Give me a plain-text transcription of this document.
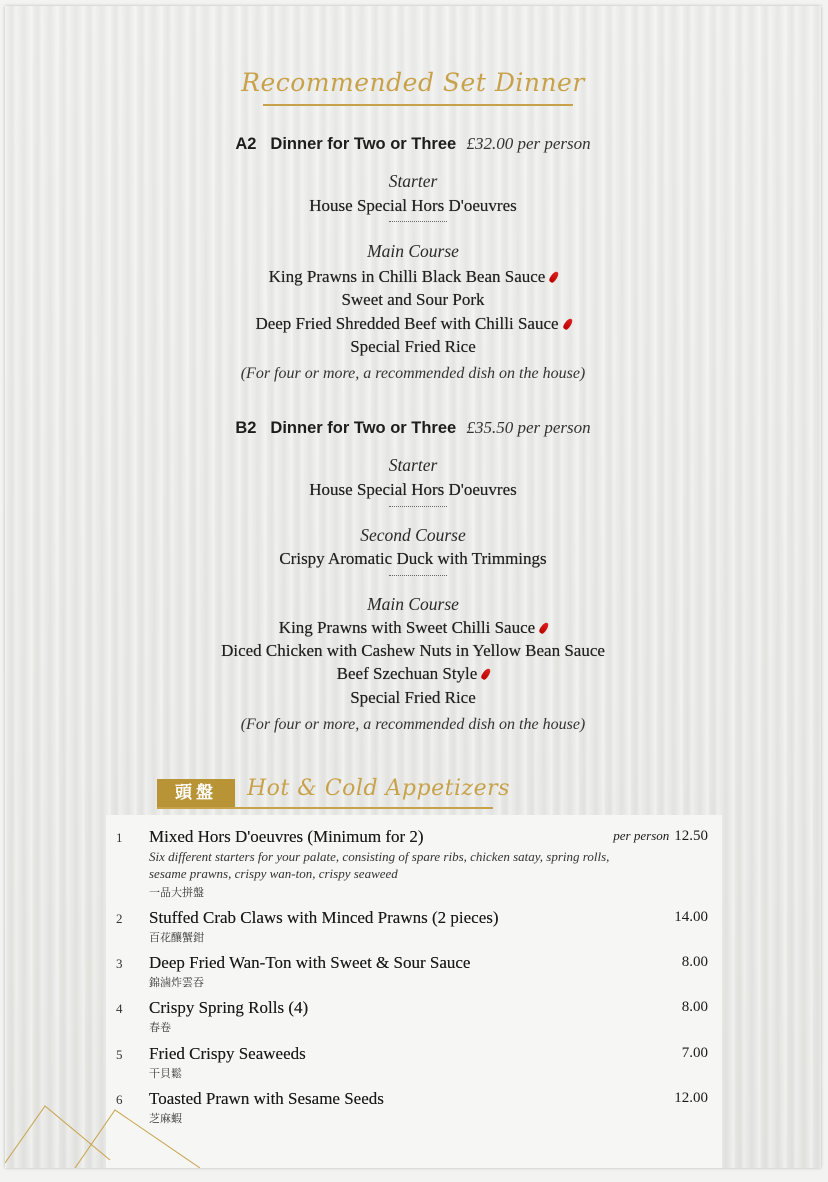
Recommended Set Dinner
A2 Dinner for Two or Three £32.00 per person
Starter
House Special Hors D'oeuvres
Main Course
King Prawns in Chilli Black Bean Sauce
Sweet and Sour Pork
Deep Fried Shredded Beef with Chilli Sauce
Special Fried Rice
(For four or more, a recommended dish on the house)
B2 Dinner for Two or Three £35.50 per person
Starter
House Special Hors D'oeuvres
Second Course
Crispy Aromatic Duck with Trimmings
Main Course
King Prawns with Sweet Chilli Sauce
Diced Chicken with Cashew Nuts in Yellow Bean Sauce
Beef Szechuan Style
Special Fried Rice
(For four or more, a recommended dish on the house)
頭盤	Hot & Cold Appetizers
1 Mixed Hors D'oeuvres (Minimum for 2)	per person 12.50
Six different starters for your palate, consisting of spare ribs, chicken satay, spring rolls, sesame prawns, crispy wan-ton, crispy seaweed
一品大拼盤
2 Stuffed Crab Claws with Minced Prawns (2 pieces)	14.00
百花釀蟹鉗
3 Deep Fried Wan-Ton with Sweet & Sour Sauce	8.00
錦滷炸雲吞
4 Crispy Spring Rolls (4)	8.00
春卷
5 Fried Crispy Seaweeds	7.00
干貝鬆
6 Toasted Prawn with Sesame Seeds	12.00
芝麻蝦
